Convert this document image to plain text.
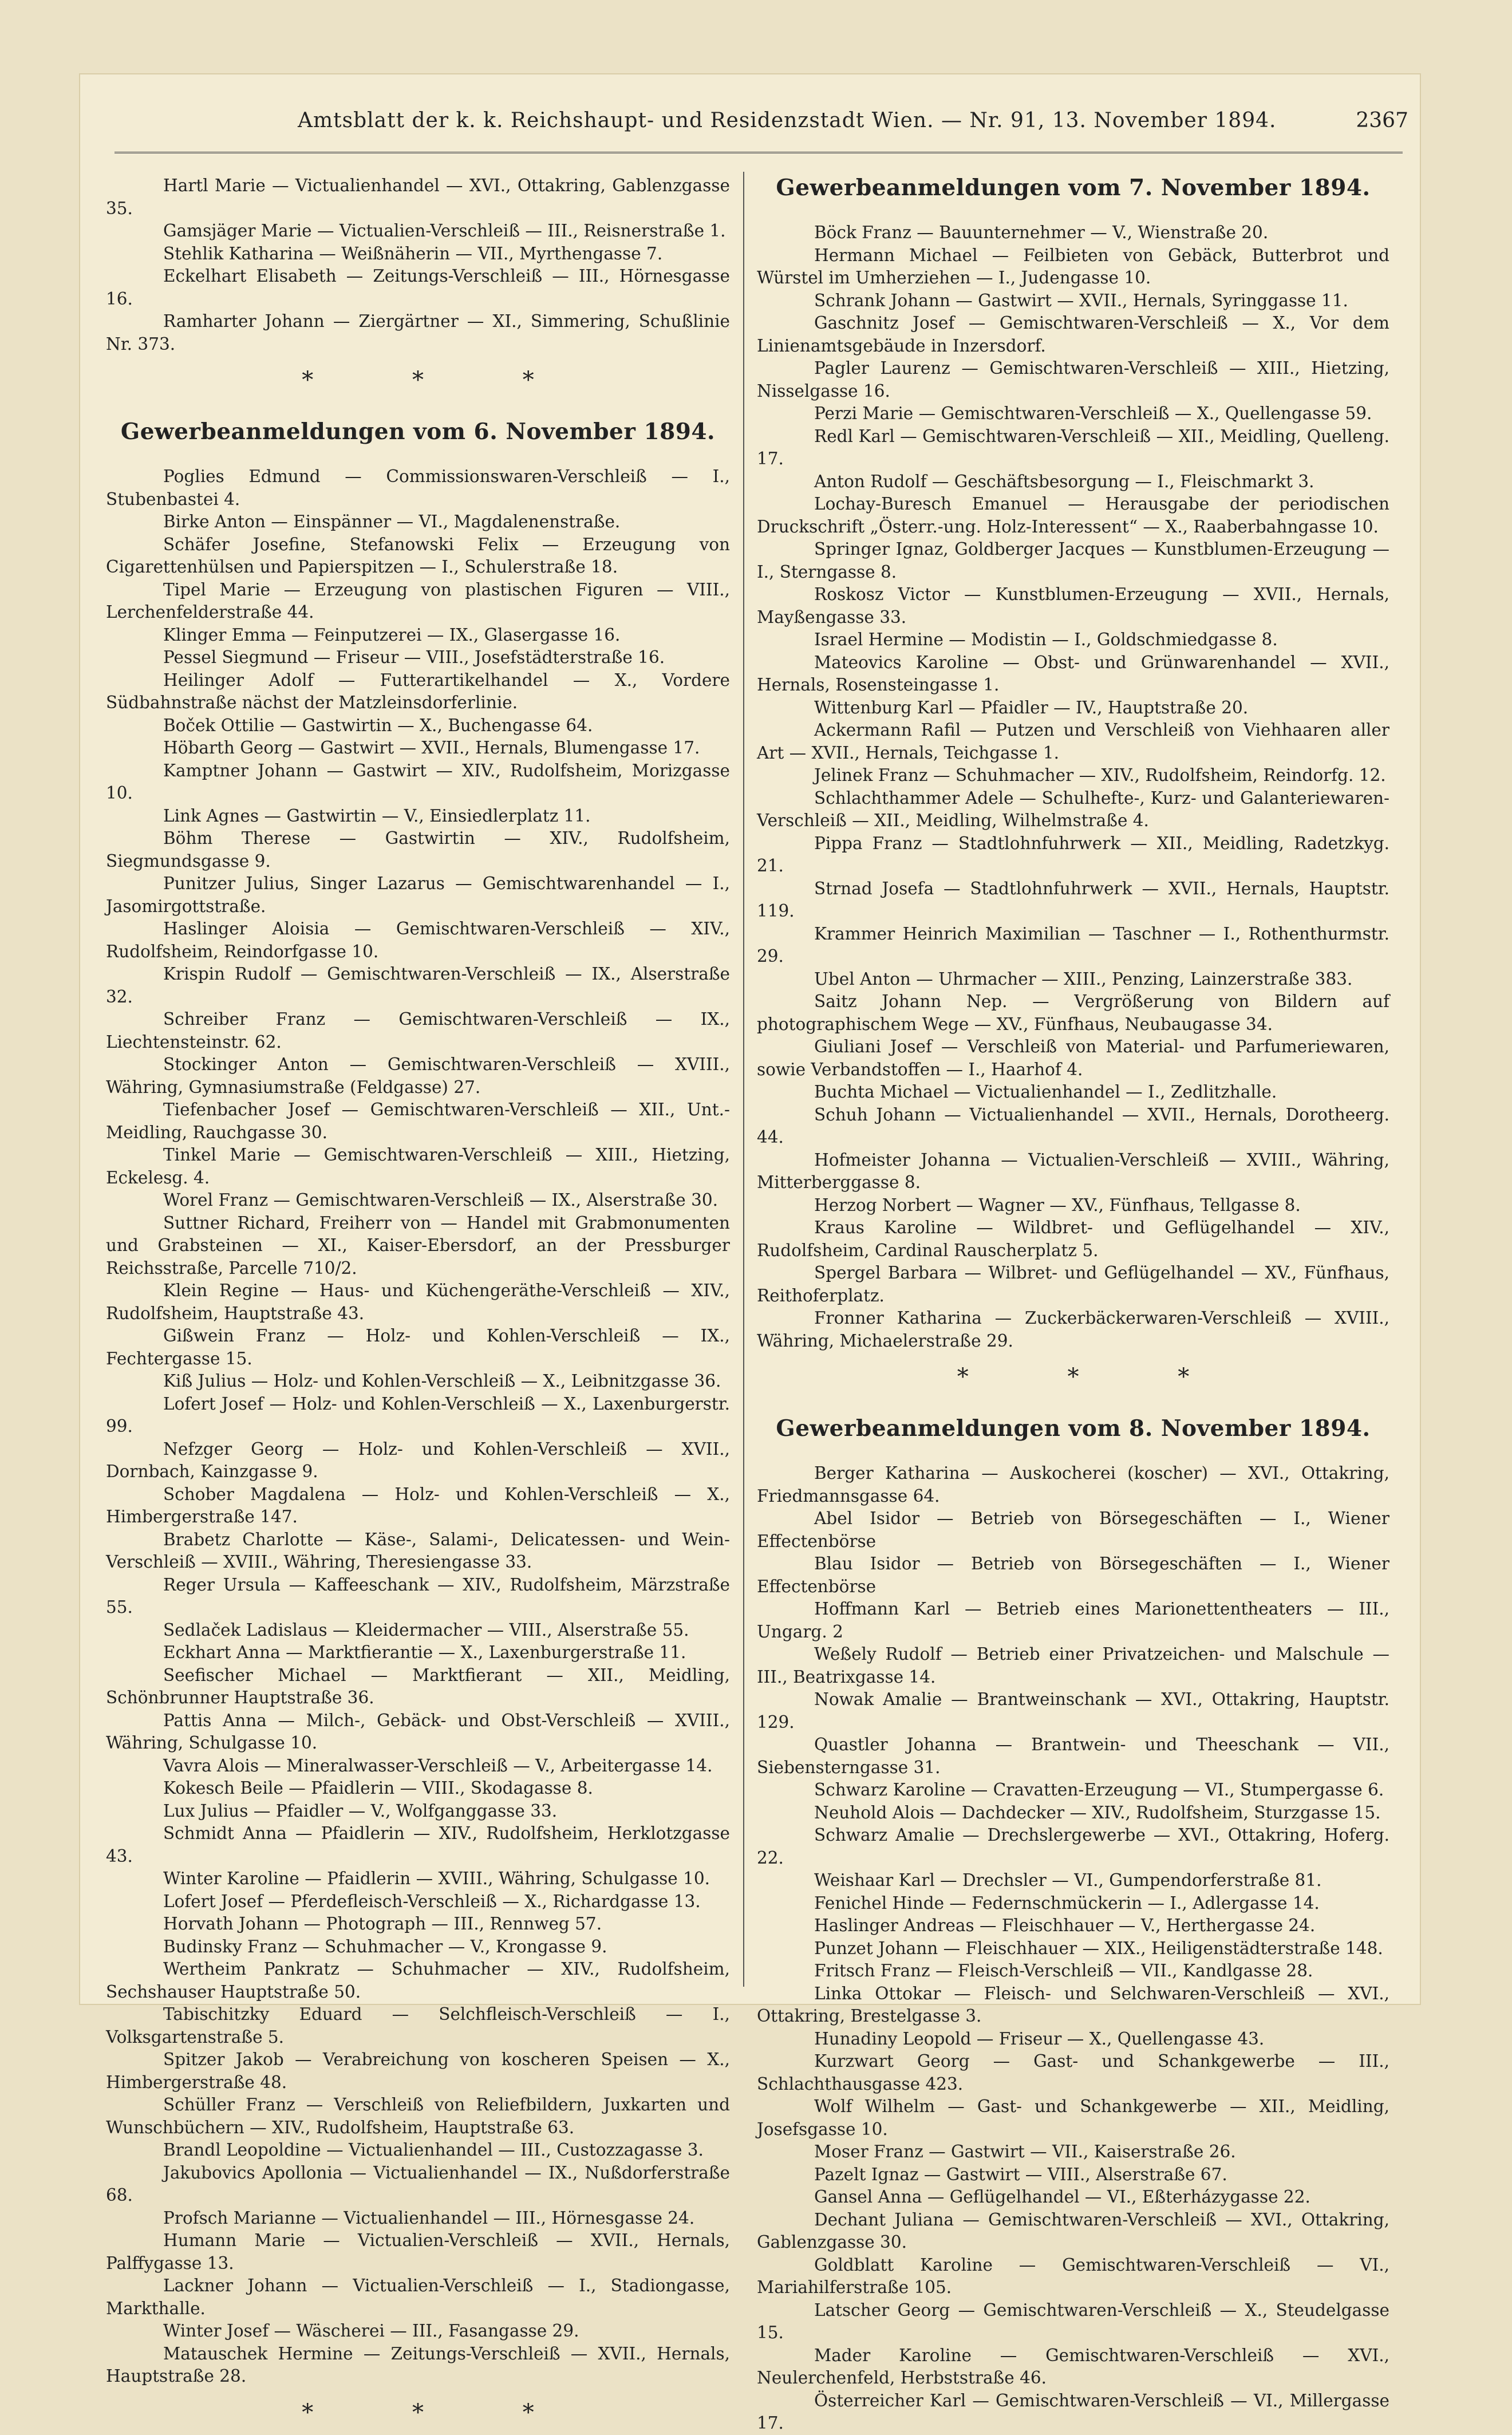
Amtsblatt der k. k. Reichshaupt- und Residenzstadt Wien. — Nr. 91, 13. November 1894.	2367

Hartl Marie — Victualienhandel — XVI., Ottakring, Gablenzgasse 35.

Gamsjäger Marie — Victualien-Verschleiß — III., Reisnerstraße 1.

Stehlik Katharina — Weißnäherin — VII., Myrthengasse 7.

Eckelhart Elisabeth — Zeitungs-Verschleiß — III., Hörnesgasse 16.

Ramharter Johann — Ziergärtner — XI., Simmering, Schußlinie Nr. 373.

* * *
Gewerbeanmeldungen vom 6. November 1894.

Poglies Edmund — Commissionswaren-Verschleiß — I., Stubenbastei 4.

Birke Anton — Einspänner — VI., Magdalenenstraße.

Schäfer Josefine, Stefanowski Felix — Erzeugung von Cigarettenhülsen und Papierspitzen — I., Schulerstraße 18.

Tipel Marie — Erzeugung von plastischen Figuren — VIII., Lerchenfelderstraße 44.

Klinger Emma — Feinputzerei — IX., Glasergasse 16.

Pessel Siegmund — Friseur — VIII., Josefstädterstraße 16.

Heilinger Adolf — Futterartikelhandel — X., Vordere Südbahnstraße nächst der Matzleinsdorferlinie.

Boček Ottilie — Gastwirtin — X., Buchengasse 64.

Höbarth Georg — Gastwirt — XVII., Hernals, Blumengasse 17.

Kamptner Johann — Gastwirt — XIV., Rudolfsheim, Morizgasse 10.

Link Agnes — Gastwirtin — V., Einsiedlerplatz 11.

Böhm Therese — Gastwirtin — XIV., Rudolfsheim, Siegmundsgasse 9.

Punitzer Julius, Singer Lazarus — Gemischtwarenhandel — I., Jasomirgottstraße.

Haslinger Aloisia — Gemischtwaren-Verschleiß — XIV., Rudolfsheim, Reindorfgasse 10.

Krispin Rudolf — Gemischtwaren-Verschleiß — IX., Alserstraße 32.

Schreiber Franz — Gemischtwaren-Verschleiß — IX., Liechtensteinstr. 62.

Stockinger Anton — Gemischtwaren-Verschleiß — XVIII., Währing, Gymnasiumstraße (Feldgasse) 27.

Tiefenbacher Josef — Gemischtwaren-Verschleiß — XII., Unt.-Meidling, Rauchgasse 30.

Tinkel Marie — Gemischtwaren-Verschleiß — XIII., Hietzing, Eckelesg. 4.

Worel Franz — Gemischtwaren-Verschleiß — IX., Alserstraße 30.

Suttner Richard, Freiherr von — Handel mit Grabmonumenten und Grabsteinen — XI., Kaiser-Ebersdorf, an der Pressburger Reichsstraße, Parcelle 710/2.

Klein Regine — Haus- und Küchengeräthe-Verschleiß — XIV., Rudolfsheim, Hauptstraße 43.

Gißwein Franz — Holz- und Kohlen-Verschleiß — IX., Fechtergasse 15.

Kiß Julius — Holz- und Kohlen-Verschleiß — X., Leibnitzgasse 36.

Lofert Josef — Holz- und Kohlen-Verschleiß — X., Laxenburgerstr. 99.

Nefzger Georg — Holz- und Kohlen-Verschleiß — XVII., Dornbach, Kainzgasse 9.

Schober Magdalena — Holz- und Kohlen-Verschleiß — X., Himbergerstraße 147.

Brabetz Charlotte — Käse-, Salami-, Delicatessen- und Wein-Verschleiß — XVIII., Währing, Theresiengasse 33.

Reger Ursula — Kaffeeschank — XIV., Rudolfsheim, Märzstraße 55.

Sedlaček Ladislaus — Kleidermacher — VIII., Alserstraße 55.

Eckhart Anna — Marktfierantie — X., Laxenburgerstraße 11.

Seefischer Michael — Marktfierant — XII., Meidling, Schönbrunner Hauptstraße 36.

Pattis Anna — Milch-, Gebäck- und Obst-Verschleiß — XVIII., Währing, Schulgasse 10.

Vavra Alois — Mineralwasser-Verschleiß — V., Arbeitergasse 14.

Kokesch Beile — Pfaidlerin — VIII., Skodagasse 8.

Lux Julius — Pfaidler — V., Wolfganggasse 33.

Schmidt Anna — Pfaidlerin — XIV., Rudolfsheim, Herklotzgasse 43.

Winter Karoline — Pfaidlerin — XVIII., Währing, Schulgasse 10.

Lofert Josef — Pferdefleisch-Verschleiß — X., Richardgasse 13.

Horvath Johann — Photograph — III., Rennweg 57.

Budinsky Franz — Schuhmacher — V., Krongasse 9.

Wertheim Pankratz — Schuhmacher — XIV., Rudolfsheim, Sechshauser Hauptstraße 50.

Tabischitzky Eduard — Selchfleisch-Verschleiß — I., Volksgartenstraße 5.

Spitzer Jakob — Verabreichung von koscheren Speisen — X., Himbergerstraße 48.

Schüller Franz — Verschleiß von Reliefbildern, Juxkarten und Wunschbüchern — XIV., Rudolfsheim, Hauptstraße 63.

Brandl Leopoldine — Victualienhandel — III., Custozzagasse 3.

Jakubovics Apollonia — Victualienhandel — IX., Nußdorferstraße 68.

Profsch Marianne — Victualienhandel — III., Hörnesgasse 24.

Humann Marie — Victualien-Verschleiß — XVII., Hernals, Palffygasse 13.

Lackner Johann — Victualien-Verschleiß — I., Stadiongasse, Markthalle.

Winter Josef — Wäscherei — III., Fasangasse 29.

Matauschek Hermine — Zeitungs-Verschleiß — XVII., Hernals, Hauptstraße 28.

* * *
Gewerbeanmeldungen vom 7. November 1894.

Böck Franz — Bauunternehmer — V., Wienstraße 20.

Hermann Michael — Feilbieten von Gebäck, Butterbrot und Würstel im Umherziehen — I., Judengasse 10.

Schrank Johann — Gastwirt — XVII., Hernals, Syringgasse 11.

Gaschnitz Josef — Gemischtwaren-Verschleiß — X., Vor dem Linienamtsgebäude in Inzersdorf.

Pagler Laurenz — Gemischtwaren-Verschleiß — XIII., Hietzing, Nisselgasse 16.

Perzi Marie — Gemischtwaren-Verschleiß — X., Quellengasse 59.

Redl Karl — Gemischtwaren-Verschleiß — XII., Meidling, Quelleng. 17.

Anton Rudolf — Geschäftsbesorgung — I., Fleischmarkt 3.

Lochay-Buresch Emanuel — Herausgabe der periodischen Druckschrift „Österr.-ung. Holz-Interessent“ — X., Raaberbahngasse 10.

Springer Ignaz, Goldberger Jacques — Kunstblumen-Erzeugung — I., Sterngasse 8.

Roskosz Victor — Kunstblumen-Erzeugung — XVII., Hernals, Mayßengasse 33.

Israel Hermine — Modistin — I., Goldschmiedgasse 8.

Mateovics Karoline — Obst- und Grünwarenhandel — XVII., Hernals, Rosensteingasse 1.

Wittenburg Karl — Pfaidler — IV., Hauptstraße 20.

Ackermann Rafil — Putzen und Verschleiß von Viehhaaren aller Art — XVII., Hernals, Teichgasse 1.

Jelinek Franz — Schuhmacher — XIV., Rudolfsheim, Reindorfg. 12.

Schlachthammer Adele — Schulhefte-, Kurz- und Galanteriewaren-Verschleiß — XII., Meidling, Wilhelmstraße 4.

Pippa Franz — Stadtlohnfuhrwerk — XII., Meidling, Radetzkyg. 21.

Strnad Josefa — Stadtlohnfuhrwerk — XVII., Hernals, Hauptstr. 119.

Krammer Heinrich Maximilian — Taschner — I., Rothenthurmstr. 29.

Ubel Anton — Uhrmacher — XIII., Penzing, Lainzerstraße 383.

Saitz Johann Nep. — Vergrößerung von Bildern auf photographischem Wege — XV., Fünfhaus, Neubaugasse 34.

Giuliani Josef — Verschleiß von Material- und Parfumeriewaren, sowie Verbandstoffen — I., Haarhof 4.

Buchta Michael — Victualienhandel — I., Zedlitzhalle.

Schuh Johann — Victualienhandel — XVII., Hernals, Dorotheerg. 44.

Hofmeister Johanna — Victualien-Verschleiß — XVIII., Währing, Mitterberggasse 8.

Herzog Norbert — Wagner — XV., Fünfhaus, Tellgasse 8.

Kraus Karoline — Wildbret- und Geflügelhandel — XIV., Rudolfsheim, Cardinal Rauscherplatz 5.

Spergel Barbara — Wilbret- und Geflügelhandel — XV., Fünfhaus, Reithoferplatz.

Fronner Katharina — Zuckerbäckerwaren-Verschleiß — XVIII., Währing, Michaelerstraße 29.

* * *
Gewerbeanmeldungen vom 8. November 1894.

Berger Katharina — Auskocherei (koscher) — XVI., Ottakring, Friedmannsgasse 64.

Abel Isidor — Betrieb von Börsegeschäften — I., Wiener Effectenbörse

Blau Isidor — Betrieb von Börsegeschäften — I., Wiener Effectenbörse

Hoffmann Karl — Betrieb eines Marionettentheaters — III., Ungarg. 2

Weßely Rudolf — Betrieb einer Privatzeichen- und Malschule — III., Beatrixgasse 14.

Nowak Amalie — Brantweinschank — XVI., Ottakring, Hauptstr. 129.

Quastler Johanna — Brantwein- und Theeschank — VII., Siebensterngasse 31.

Schwarz Karoline — Cravatten-Erzeugung — VI., Stumpergasse 6.

Neuhold Alois — Dachdecker — XIV., Rudolfsheim, Sturzgasse 15.

Schwarz Amalie — Drechslergewerbe — XVI., Ottakring, Hoferg. 22.

Weishaar Karl — Drechsler — VI., Gumpendorferstraße 81.

Fenichel Hinde — Federnschmückerin — I., Adlergasse 14.

Haslinger Andreas — Fleischhauer — V., Herthergasse 24.

Punzet Johann — Fleischhauer — XIX., Heiligenstädterstraße 148.

Fritsch Franz — Fleisch-Verschleiß — VII., Kandlgasse 28.

Linka Ottokar — Fleisch- und Selchwaren-Verschleiß — XVI., Ottakring, Brestelgasse 3.

Hunadiny Leopold — Friseur — X., Quellengasse 43.

Kurzwart Georg — Gast- und Schankgewerbe — III., Schlachthausgasse 423.

Wolf Wilhelm — Gast- und Schankgewerbe — XII., Meidling, Josefsgasse 10.

Moser Franz — Gastwirt — VII., Kaiserstraße 26.

Pazelt Ignaz — Gastwirt — VIII., Alserstraße 67.

Gansel Anna — Geflügelhandel — VI., Eßterházygasse 22.

Dechant Juliana — Gemischtwaren-Verschleiß — XVI., Ottakring, Gablenzgasse 30.

Goldblatt Karoline — Gemischtwaren-Verschleiß — VI., Mariahilferstraße 105.

Latscher Georg — Gemischtwaren-Verschleiß — X., Steudelgasse 15.

Mader Karoline — Gemischtwaren-Verschleiß — XVI., Neulerchenfeld, Herbststraße 46.

Österreicher Karl — Gemischtwaren-Verschleiß — VI., Millergasse 17.
